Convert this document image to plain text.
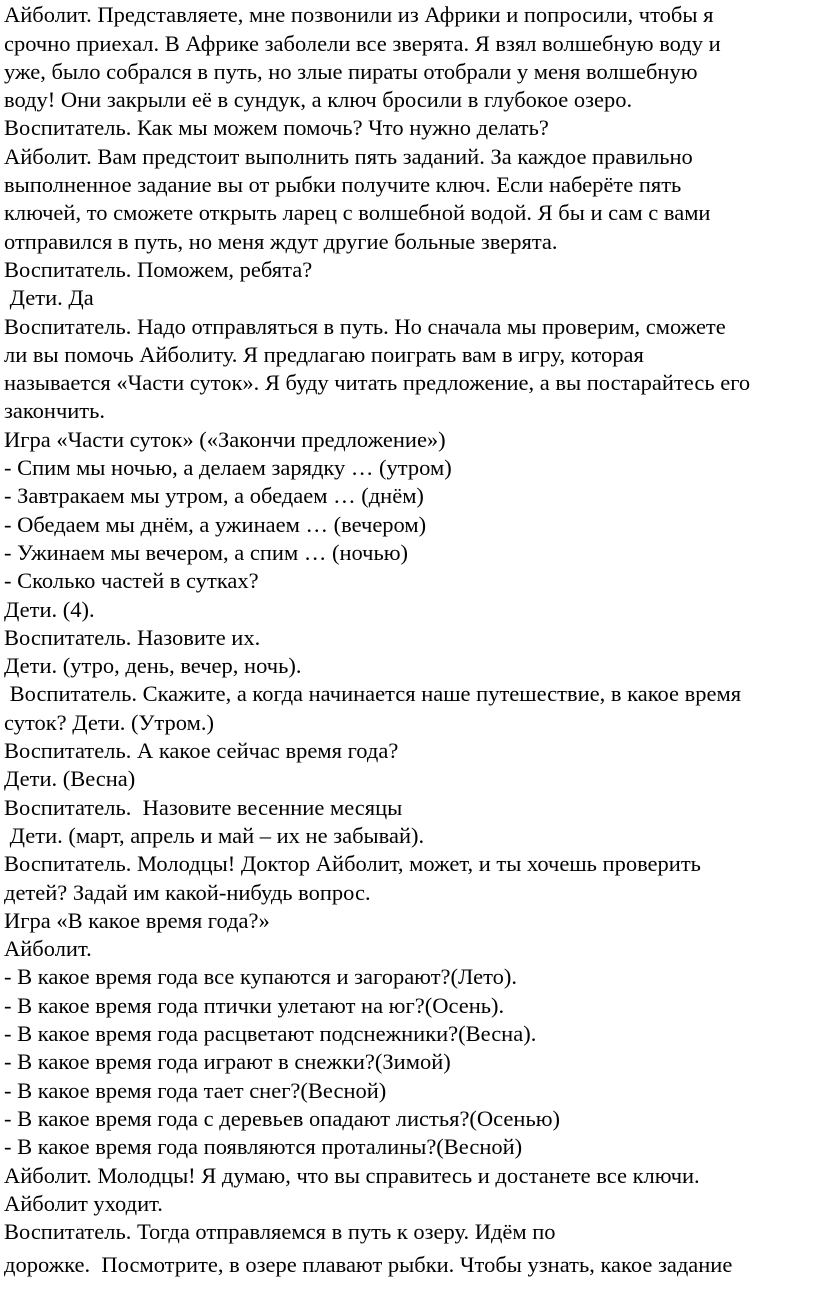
Айболит. Представляете, мне позвонили из Африки и попросили, чтобы я
срочно приехал. В Африке заболели все зверята. Я взял волшебную воду и
уже, было собрался в путь, но злые пираты отобрали у меня волшебную
воду! Они закрыли её в сундук, а ключ бросили в глубокое озеро.
Воспитатель. Как мы можем помочь? Что нужно делать?
Айболит. Вам предстоит выполнить пять заданий. За каждое правильно
выполненное задание вы от рыбки получите ключ. Если наберёте пять
ключей, то сможете открыть ларец с волшебной водой. Я бы и сам с вами
отправился в путь, но меня ждут другие больные зверята.
Воспитатель. Поможем, ребята?
Дети. Да
Воспитатель. Надо отправляться в путь. Но сначала мы проверим, сможете
ли вы помочь Айболиту. Я предлагаю поиграть вам в игру, которая
называется «Части суток». Я буду читать предложение, а вы постарайтесь его
закончить.
Игра «Части суток» («Закончи предложение»)
- Спим мы ночью, а делаем зарядку … (утром)
- Завтракаем мы утром, а обедаем … (днём)
- Обедаем мы днём, а ужинаем … (вечером)
- Ужинаем мы вечером, а спим … (ночью)
- Сколько частей в сутках?
Дети. (4).
Воспитатель. Назовите их.
Дети. (утро, день, вечер, ночь).
Воспитатель. Скажите, а когда начинается наше путешествие, в какое время
суток? Дети. (Утром.)
Воспитатель. А какое сейчас время года?
Дети. (Весна)
Воспитатель.  Назовите весенние месяцы
Дети. (март, апрель и май – их не забывай).
Воспитатель. Молодцы! Доктор Айболит, может, и ты хочешь проверить
детей? Задай им какой-нибудь вопрос.
Игра «В какое время года?»
Айболит.
- В какое время года все купаются и загорают?(Лето).
- В какое время года птички улетают на юг?(Осень).
- В какое время года расцветают подснежники?(Весна).
- В какое время года играют в снежки?(Зимой)
- В какое время года тает снег?(Весной)
- В какое время года с деревьев опадают листья?(Осенью)
- В какое время года появляются проталины?(Весной)
Айболит. Молодцы! Я думаю, что вы справитесь и достанете все ключи.
Айболит уходит.
Воспитатель. Тогда отправляемся в путь к озеру. Идём по
дорожке.  Посмотрите, в озере плавают рыбки. Чтобы узнать, какое задание
